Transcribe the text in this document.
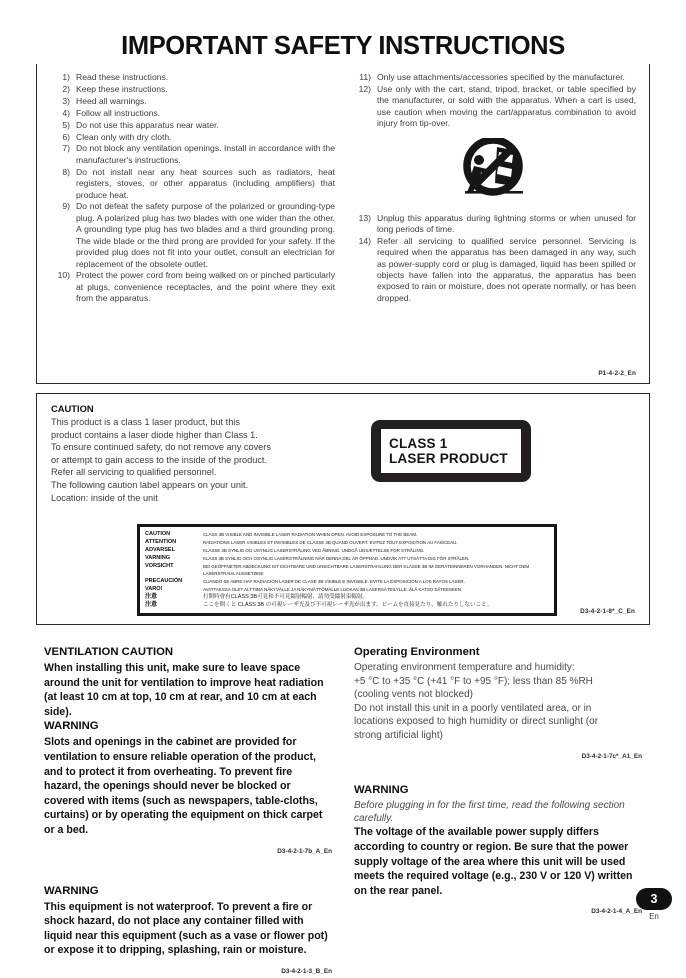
IMPORTANT SAFETY INSTRUCTIONS
1) Read these instructions.
2) Keep these instructions.
3) Heed all warnings.
4) Follow all instructions.
5) Do not use this apparatus near water.
6) Clean only with dry cloth.
7) Do not block any ventilation openings. Install in accordance with the manufacturer's instructions.
8) Do not install near any heat sources such as radiators, heat registers, stoves, or other apparatus (including amplifiers) that produce heat.
9) Do not defeat the safety purpose of the polarized or grounding-type plug. A polarized plug has two blades with one wider than the other. A grounding type plug has two blades and a third grounding prong. The wide blade or the third prong are provided for your safety. If the provided plug does not fit into your outlet, consult an electrician for replacement of the obsolete outlet.
10) Protect the power cord from being walked on or pinched particularly at plugs, convenience receptacles, and the point where they exit from the apparatus.
11) Only use attachments/accessories specified by the manufacturer.
12) Use only with the cart, stand, tripod, bracket, or table specified by the manufacturer, or sold with the apparatus. When a cart is used, use caution when moving the cart/apparatus combination to avoid injury from tip-over.
13) Unplug this apparatus during lightning storms or when unused for long periods of time.
14) Refer all servicing to qualified service personnel. Servicing is required when the apparatus has been damaged in any way, such as power-supply cord or plug is damaged, liquid has been spilled or objects have fallen into the apparatus, the apparatus has been exposed to rain or moisture, does not operate normally, or has been dropped.
P1-4-2-2_En
CAUTION
This product is a class 1 laser product, but this
product contains a laser diode higher than Class 1.
To ensure continued safety, do not remove any covers
or attempt to gain access to the inside of the product.
Refer all servicing to qualified personnel.
The following caution label appears on your unit.
Location: inside of the unit
CLASS 1
LASER PRODUCT
CAUTION	CLASS 3B VISIBLE AND INVISIBLE LASER RADIATION WHEN OPEN. AVOID EXPOSURE TO THE BEAM.
ATTENTION	RADIATIONS LASER VISIBLES ET INVISIBLES DE CLASSE 3B QUAND OUVERT. EVITEZ TOUT EXPOSITION AU FAISCEAU.
ADVARSEL	KLASSE 3B SYNLIG OG USYNLIG LASERSTRÅLING VED ÅBNING. UNDGÅ UDSÆTTELSE FOR STRÅLING.
VARNING	KLASS 3B SYNLIG OCH OSYNLIG LASERSTRÅLNING NÄR DENNA DEL ÄR ÖPPNAD. UNDVIK ATT UTSÄTTA DIG FÖR STRÅLEN.
VORSICHT	BEI GEÖFFNETER ABDECKUNG IST SICHTBARE UND UNSICHTBARE LASERSTRAHLUNG DER KLASSE 3B IM GERÄTEINNEREN VORHANDEN. NICHT DEM LASERSTRAHL AUSSETZEN!
PRECAUCIÓN	CUANDO SE ABRE HAY RADIACIÓN LÁSER DE CLASE 3B VISIBLE E INVISIBLE. EVITE LA EXPOSICIÓN A LOS RAYOS LÁSER.
VARO!	AVATTAESSA OLET ALTTIINA NÄKYVÄLLE JA NÄKYMÄTTÖMÄLLE LUOKAN 3B LASERSÄTEILYLLE. ÄLÄ KATSO SÄTEESEEN.
注意	打開時會有CLASS 3B可見和不可見鐳射輻射，請勿受鐳射束輻射。
注意	ここを開くと CLASS 3B の可視レーザ光及び不可視レーザ光が出ます。ビームを直接見たり、触れたりしないこと。
D3-4-2-1-8*_C_En
VENTILATION CAUTION

When installing this unit, make sure to leave space around the unit for ventilation to improve heat radiation (at least 10 cm at top, 10 cm at rear, and 10 cm at each side).

WARNING

Slots and openings in the cabinet are provided for ventilation to ensure reliable operation of the product, and to protect it from overheating. To prevent fire hazard, the openings should never be blocked or covered with items (such as newspapers, table-cloths, curtains) or by operating the equipment on thick carpet or a bed.

D3-4-2-1-7b_A_En
WARNING

This equipment is not waterproof. To prevent a fire or shock hazard, do not place any container filled with liquid near this equipment (such as a vase or flower pot) or expose it to dripping, splashing, rain or moisture.

D3-4-2-1-3_B_En
Operating Environment

Operating environment temperature and humidity:
+5 °C to +35 °C (+41 °F to +95 °F); less than 85 %RH
(cooling vents not blocked)
Do not install this unit in a poorly ventilated area, or in
locations exposed to high humidity or direct sunlight (or
strong artificial light)

D3-4-2-1-7c*_A1_En
WARNING

Before plugging in for the first time, read the following section carefully.

The voltage of the available power supply differs according to country or region. Be sure that the power supply voltage of the area where this unit will be used meets the required voltage (e.g., 230 V or 120 V) written on the rear panel.

D3-4-2-1-4_A_En
3
En
